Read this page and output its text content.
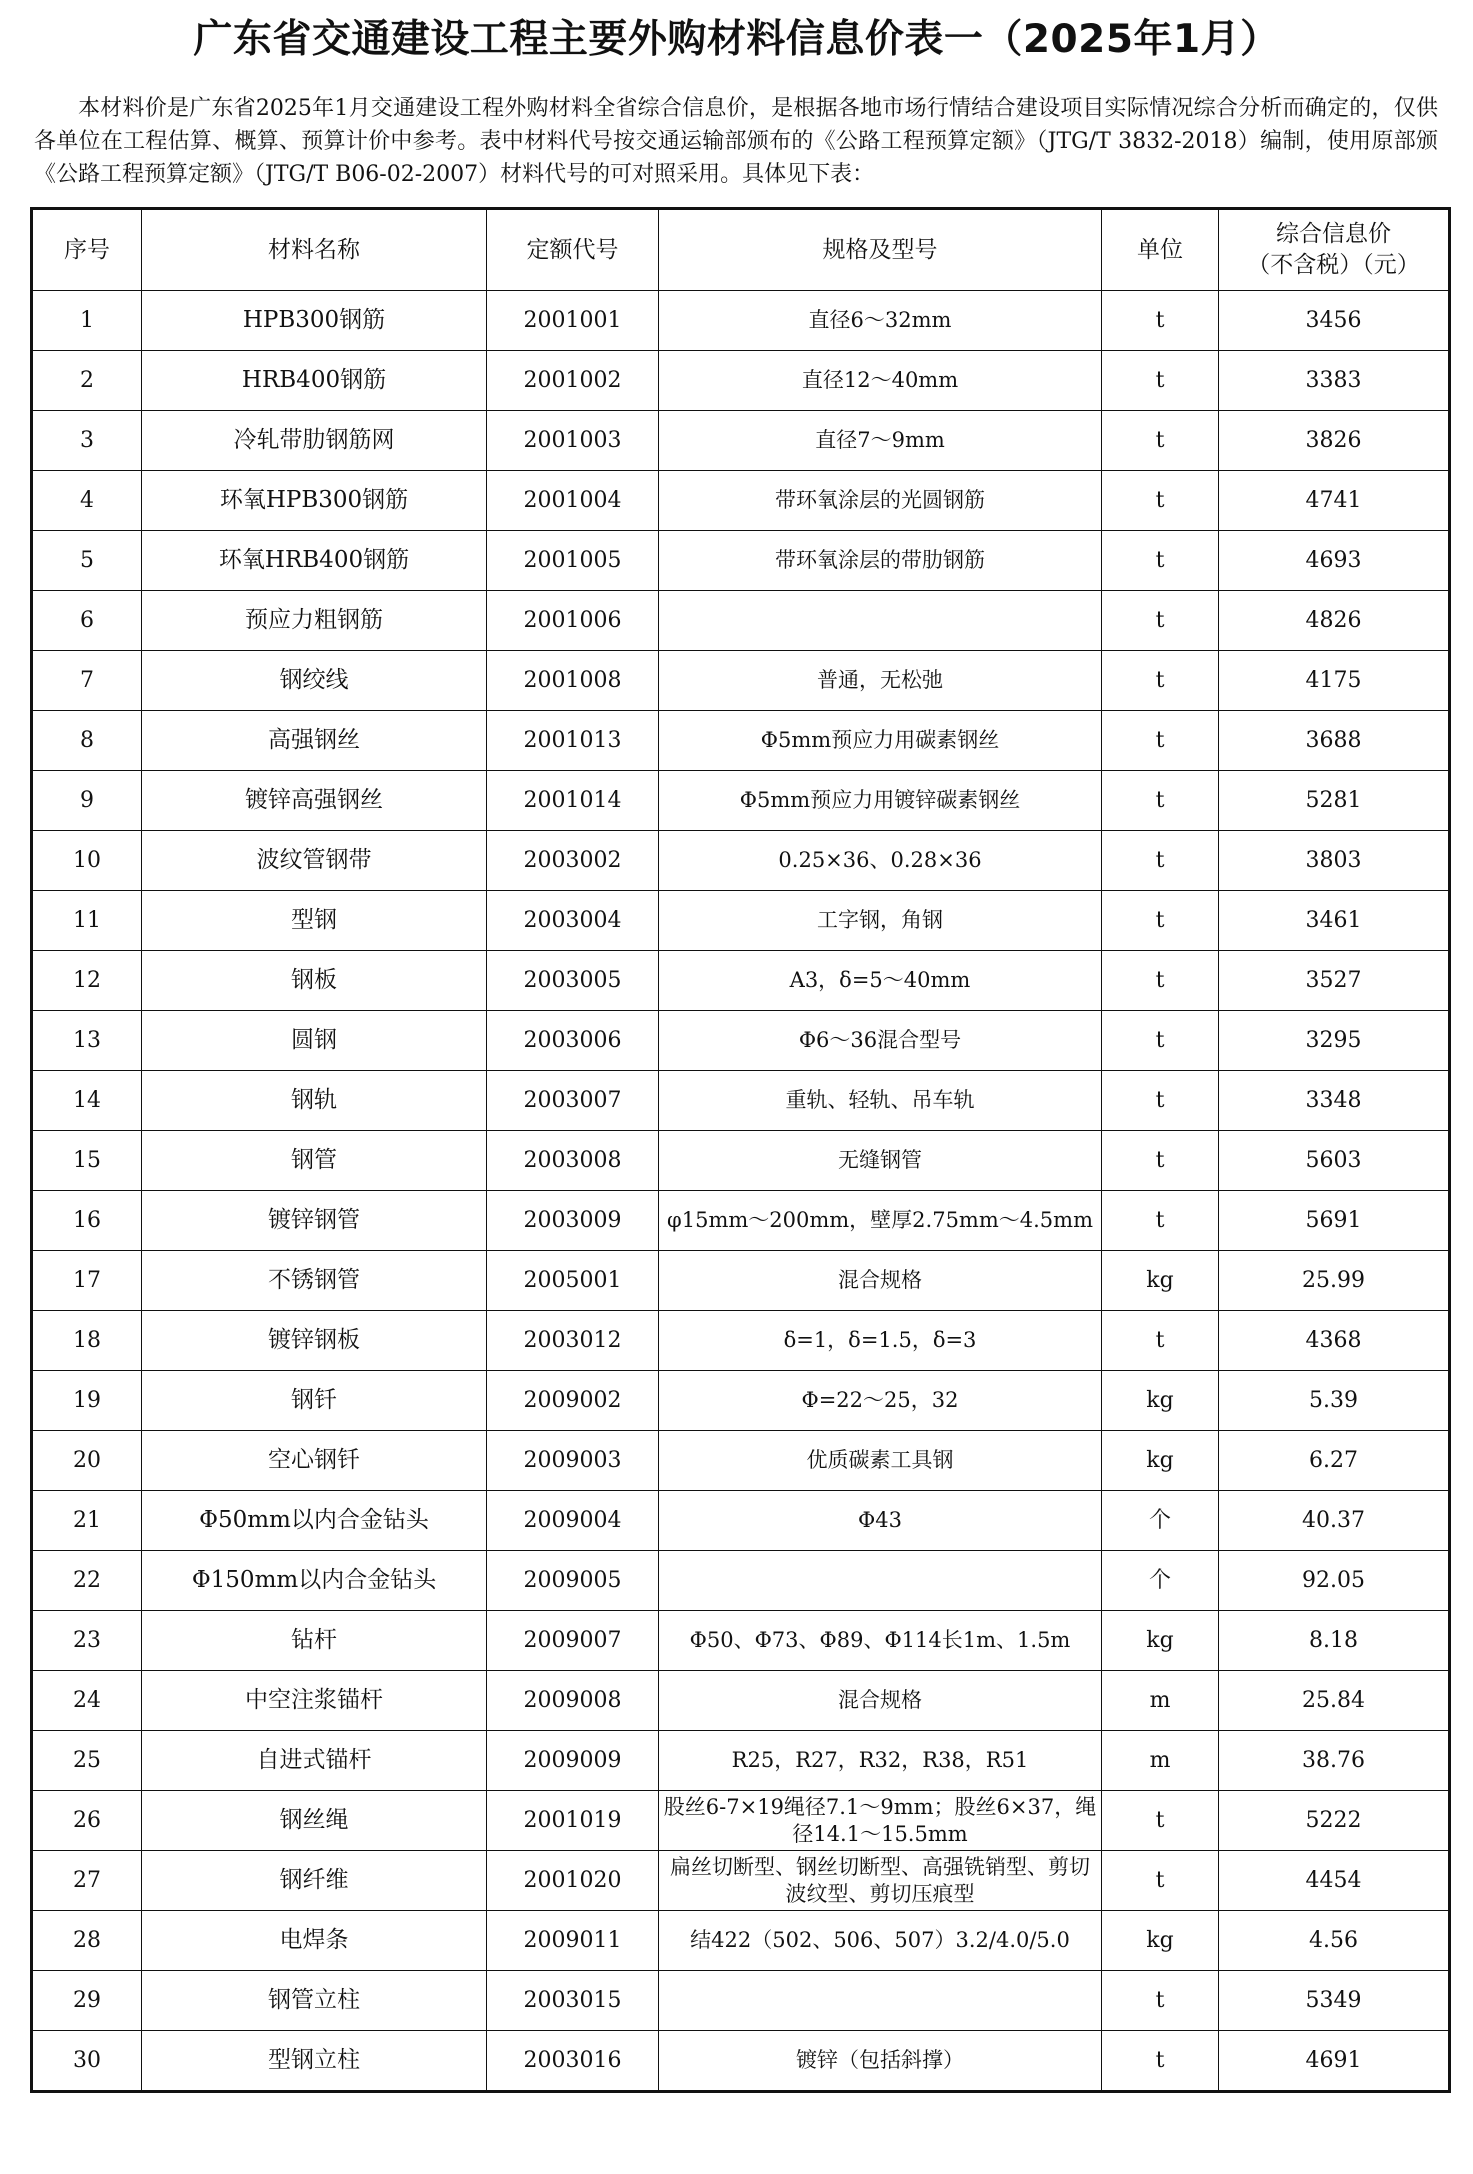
广东省交通建设工程主要外购材料信息价表一（2025年1月）
本材料价是广东省2025年1月交通建设工程外购材料全省综合信息价，是根据各地市场行情结合建设项目实际情况综合分析而确定的，仅供各单位在工程估算、概算、预算计价中参考。表中材料代号按交通运输部颁布的《公路工程预算定额》（JTG/T 3832-2018）编制，使用原部颁《公路工程预算定额》（JTG/T B06-02-2007）材料代号的可对照采用。具体见下表：
序号	材料名称	定额代号	规格及型号	单位	综合信息价
（不含税）（元）

1	HPB300钢筋	2001001	直径6～32mm	t	3456
2	HRB400钢筋	2001002	直径12～40mm	t	3383
3	冷轧带肋钢筋网	2001003	直径7～9mm	t	3826
4	环氧HPB300钢筋	2001004	带环氧涂层的光圆钢筋	t	4741
5	环氧HRB400钢筋	2001005	带环氧涂层的带肋钢筋	t	4693
6	预应力粗钢筋	2001006		t	4826
7	钢绞线	2001008	普通，无松弛	t	4175
8	高强钢丝	2001013	Φ5mm预应力用碳素钢丝	t	3688
9	镀锌高强钢丝	2001014	Φ5mm预应力用镀锌碳素钢丝	t	5281
10	波纹管钢带	2003002	0.25×36、0.28×36	t	3803
11	型钢	2003004	工字钢，角钢	t	3461
12	钢板	2003005	A3，δ=5～40mm	t	3527
13	圆钢	2003006	Φ6～36混合型号	t	3295
14	钢轨	2003007	重轨、轻轨、吊车轨	t	3348
15	钢管	2003008	无缝钢管	t	5603
16	镀锌钢管	2003009	φ15mm～200mm，壁厚2.75mm～4.5mm	t	5691
17	不锈钢管	2005001	混合规格	kg	25.99
18	镀锌钢板	2003012	δ=1，δ=1.5，δ=3	t	4368
19	钢钎	2009002	Φ=22～25，32	kg	5.39
20	空心钢钎	2009003	优质碳素工具钢	kg	6.27
21	Φ50mm以内合金钻头	2009004	Φ43	个	40.37
22	Φ150mm以内合金钻头	2009005		个	92.05
23	钻杆	2009007	Φ50、Φ73、Φ89、Φ114长1m、1.5m	kg	8.18
24	中空注浆锚杆	2009008	混合规格	m	25.84
25	自进式锚杆	2009009	R25，R27，R32，R38，R51	m	38.76
26	钢丝绳	2001019	股丝6-7×19绳径7.1～9mm；股丝6×37，绳径14.1～15.5mm	t	5222
27	钢纤维	2001020	扁丝切断型、钢丝切断型、高强铣销型、剪切波纹型、剪切压痕型	t	4454
28	电焊条	2009011	结422（502、506、507）3.2/4.0/5.0	kg	4.56
29	钢管立柱	2003015		t	5349
30	型钢立柱	2003016	镀锌（包括斜撑）	t	4691
